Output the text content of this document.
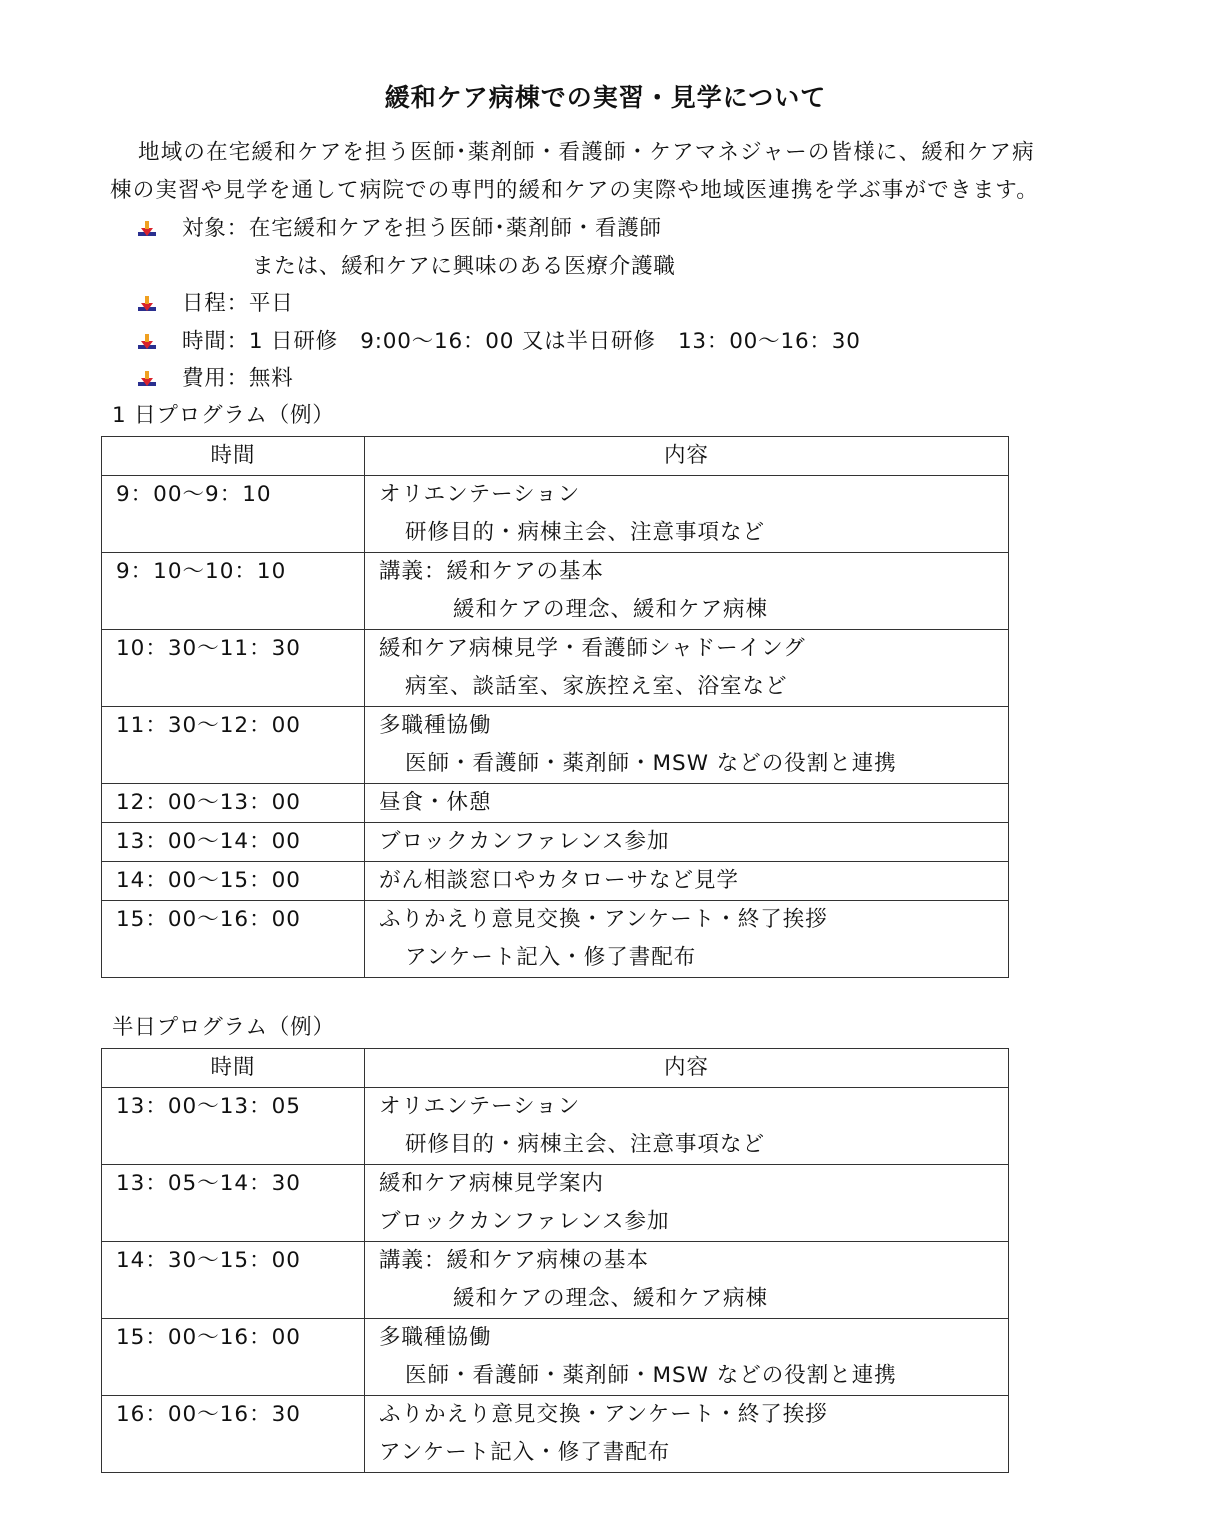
緩和ケア病棟での実習・見学について
地域の在宅緩和ケアを担う医師･薬剤師・看護師・ケアマネジャーの皆様に、緩和ケア病
棟の実習や見学を通して病院での専門的緩和ケアの実際や地域医連携を学ぶ事ができます。
対象：在宅緩和ケアを担う医師･薬剤師・看護師
または、緩和ケアに興味のある医療介護職
日程：平日
時間：1 日研修　9:00～16：00 又は半日研修　13：00～16：30
費用：無料
1 日プログラム（例）
時間	内容
9：00～9：10	オリエンテーション
研修目的・病棟主会、注意事項など

9：10～10：10	講義：緩和ケアの基本
緩和ケアの理念、緩和ケア病棟

10：30～11：30	緩和ケア病棟見学・看護師シャドーイング
病室、談話室、家族控え室、浴室など

11：30～12：00	多職種協働
医師・看護師・薬剤師・MSW などの役割と連携

12：00～13：00	昼食・休憩

13：00～14：00	ブロックカンファレンス参加

14：00～15：00	がん相談窓口やカタローサなど見学

15：00～16：00	ふりかえり意見交換・アンケート・終了挨拶
アンケート記入・修了書配布
半日プログラム（例）
時間	内容
13：00～13：05	オリエンテーション
研修目的・病棟主会、注意事項など

13：05～14：30	緩和ケア病棟見学案内
ブロックカンファレンス参加

14：30～15：00	講義：緩和ケア病棟の基本
緩和ケアの理念、緩和ケア病棟

15：00～16：00	多職種協働
医師・看護師・薬剤師・MSW などの役割と連携

16：00～16：30	ふりかえり意見交換・アンケート・終了挨拶
アンケート記入・修了書配布
